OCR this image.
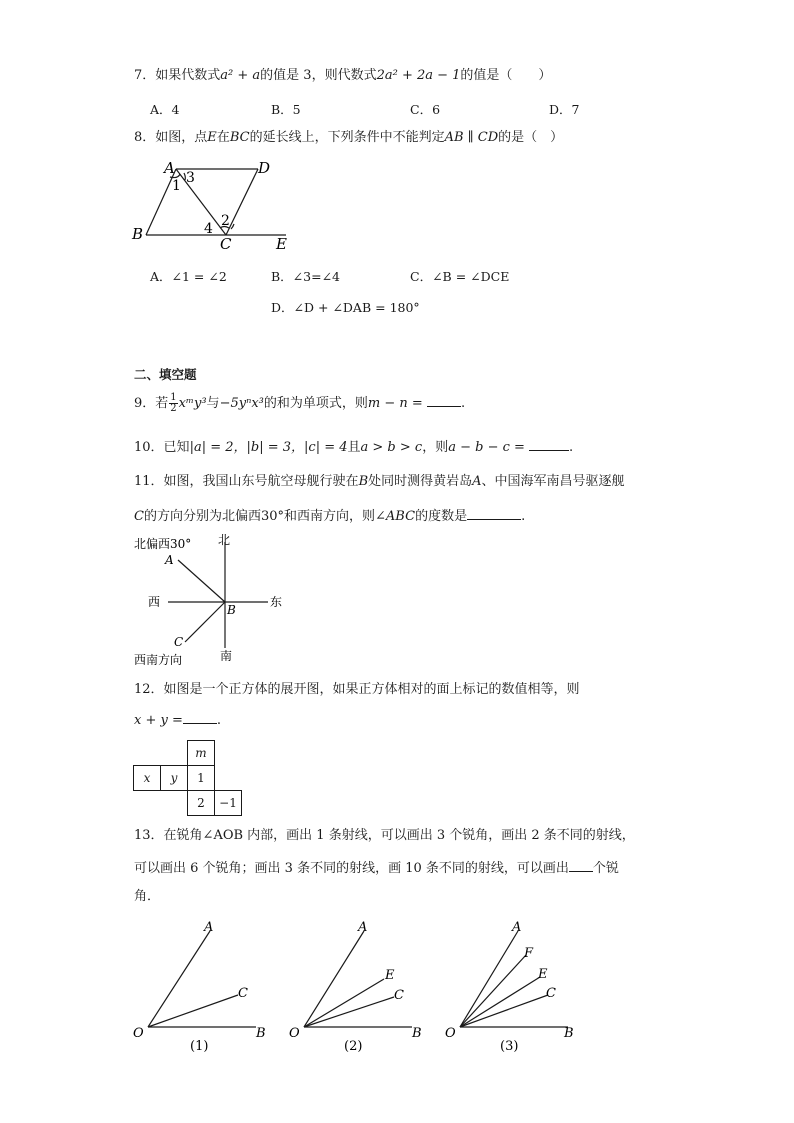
7．如果代数式a² + a的值是 3，则代数式2a² + 2a − 1的值是（　　）
A．4	B．5	C．6	D．7
8．如图，点E在BC的延长线上，下列条件中不能判定AB ∥ CD的是（　）
A	D
B
C	E
1 3
2
4
A．∠1 = ∠2	B．∠3=∠4	C．∠B = ∠DCE
D．∠D + ∠DAB = 180°
二、填空题
9．若 $\frac{1}{2}$ xᵐy³与−5yⁿx³的和为单项式，则m − n =	.
10．已知|a| = 2，|b| = 3，|c| = 4且a > b > c，则a − b − c =	.
11．如图，我国山东号航空母舰行驶在B处同时测得黄岩岛A、中国海军南昌号驱逐舰
C的方向分别为北偏西30°和西南方向，则∠ABC的度数是	.
北偏西30° 北
西	东
南
西南方向
A
B
C
12．如图是一个正方体的展开图，如果正方体相对的面上标记的数值相等，则
x + y =	.
		m	
x	y	1	
		2	−1
13．在锐角∠AOB 内部，画出 1 条射线，可以画出 3 个锐角，画出 2 条不同的射线，
可以画出 6 个锐角；画出 3 条不同的射线，画 10 条不同的射线，可以画出 个锐
角．
A
C
O	B
(1)
A
E
C
O	B
(2)
A
F
E
C
O	B
(3)
